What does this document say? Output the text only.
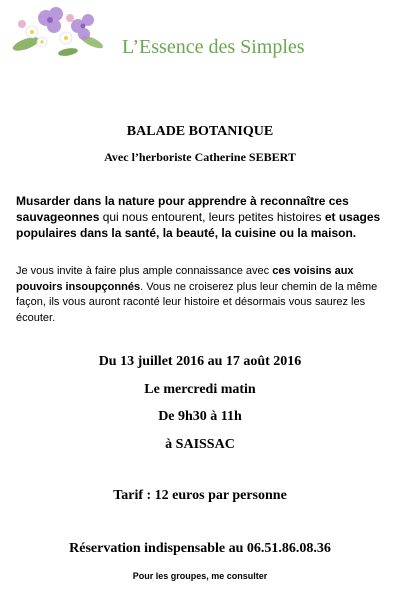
L’Essence des Simples
BALADE BOTANIQUE
Avec l’herboriste Catherine SEBERT
Musarder dans la nature pour apprendre à reconnaître ces sauvageonnes qui nous entourent, leurs petites histoires et usages populaires dans la santé, la beauté, la cuisine ou la maison.
Je vous invite à faire plus ample connaissance avec ces voisins aux pouvoirs insoupçonnés. Vous ne croiserez plus leur chemin de la même façon, ils vous auront raconté leur histoire et désormais vous saurez les écouter.
Du 13 juillet 2016 au 17 août 2016
Le mercredi matin
De 9h30 à 11h
à SAISSAC
Tarif : 12 euros par personne
Réservation indispensable au 06.51.86.08.36
Pour les groupes, me consulter
